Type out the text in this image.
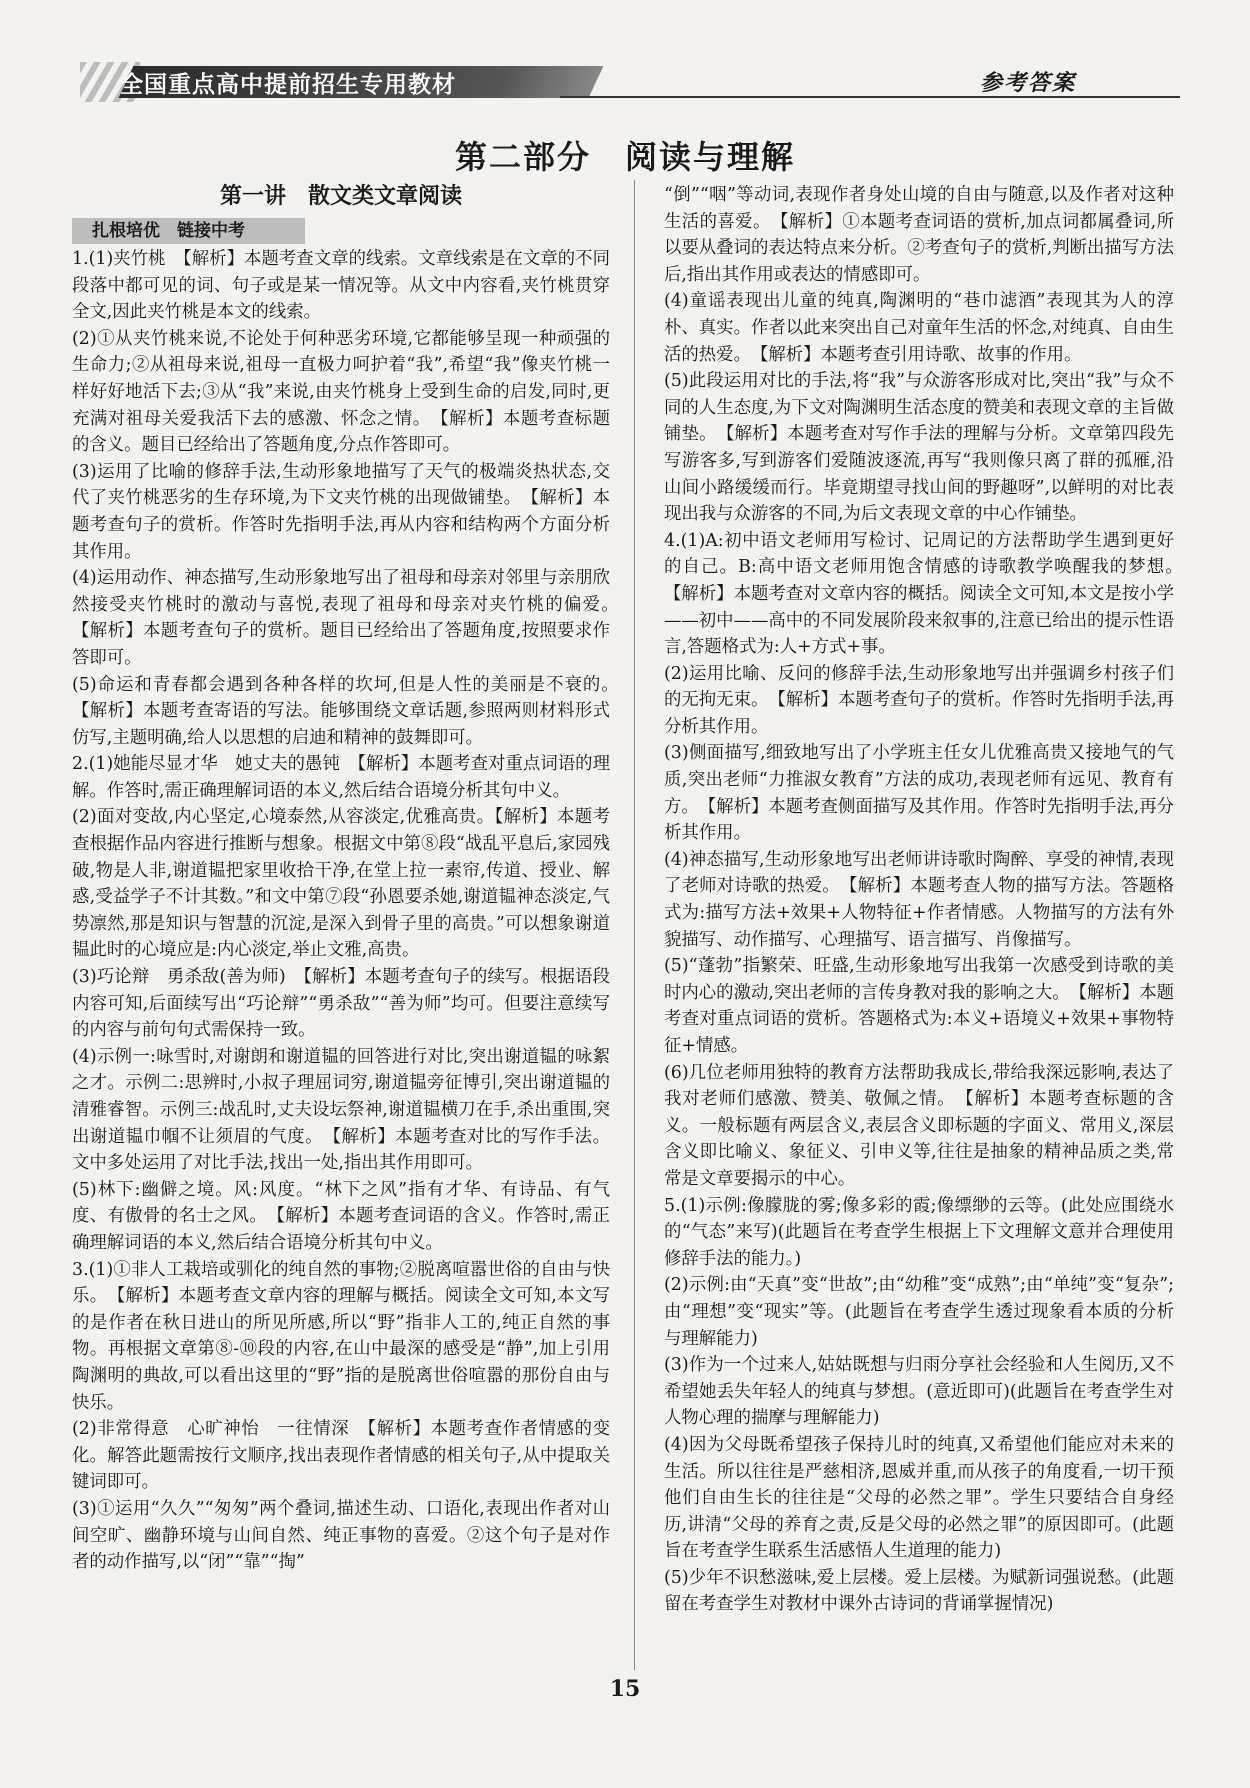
全国重点高中提前招生专用教材	参考答案
第二部分　阅读与理解
第一讲　散文类文章阅读
扎根培优　链接中考

1.(1)夹竹桃　【解析】本题考查文章的线索。文章线索是在文章的不同段落中都可见的词、句子或是某一情况等。从文中内容看,夹竹桃贯穿全文,因此夹竹桃是本文的线索。

(2)①从夹竹桃来说,不论处于何种恶劣环境,它都能够呈现一种顽强的生命力;②从祖母来说,祖母一直极力呵护着“我”,希望“我”像夹竹桃一样好好地活下去;③从“我”来说,由夹竹桃身上受到生命的启发,同时,更充满对祖母关爱我活下去的感激、怀念之情。　【解析】本题考查标题的含义。题目已经给出了答题角度,分点作答即可。

(3)运用了比喻的修辞手法,生动形象地描写了天气的极端炎热状态,交代了夹竹桃恶劣的生存环境,为下文夹竹桃的出现做铺垫。　【解析】本题考查句子的赏析。作答时先指明手法,再从内容和结构两个方面分析其作用。

(4)运用动作、神态描写,生动形象地写出了祖母和母亲对邻里与亲朋欣然接受夹竹桃时的激动与喜悦,表现了祖母和母亲对夹竹桃的偏爱。　【解析】本题考查句子的赏析。题目已经给出了答题角度,按照要求作答即可。

(5)命运和青春都会遇到各种各样的坎坷,但是人性的美丽是不衰的。　【解析】本题考查寄语的写法。能够围绕文章话题,参照两则材料形式仿写,主题明确,给人以思想的启迪和精神的鼓舞即可。

2.(1)她能尽显才华　她丈夫的愚钝　【解析】本题考查对重点词语的理解。作答时,需正确理解词语的本义,然后结合语境分析其句中义。

(2)面对变故,内心坚定,心境泰然,从容淡定,优雅高贵。【解析】本题考查根据作品内容进行推断与想象。根据文中第⑧段“战乱平息后,家园残破,物是人非,谢道韫把家里收拾干净,在堂上拉一素帘,传道、授业、解惑,受益学子不计其数。”和文中第⑦段“孙恩要杀她,谢道韫神态淡定,气势凛然,那是知识与智慧的沉淀,是深入到骨子里的高贵。”可以想象谢道韫此时的心境应是:内心淡定,举止文雅,高贵。

(3)巧论辩　勇杀敌(善为师)　【解析】本题考查句子的续写。根据语段内容可知,后面续写出“巧论辩”“勇杀敌”“善为师”均可。但要注意续写的内容与前句句式需保持一致。

(4)示例一:咏雪时,对谢朗和谢道韫的回答进行对比,突出谢道韫的咏絮之才。示例二:思辨时,小叔子理屈词穷,谢道韫旁征博引,突出谢道韫的清雅睿智。示例三:战乱时,丈夫设坛祭神,谢道韫横刀在手,杀出重围,突出谢道韫巾帼不让须眉的气度。　【解析】本题考查对比的写作手法。文中多处运用了对比手法,找出一处,指出其作用即可。

(5)林下:幽僻之境。风:风度。“林下之风”指有才华、有诗品、有气度、有傲骨的名士之风。　【解析】本题考查词语的含义。作答时,需正确理解词语的本义,然后结合语境分析其句中义。

3.(1)①非人工栽培或驯化的纯自然的事物;②脱离喧嚣世俗的自由与快乐。　【解析】本题考查文章内容的理解与概括。阅读全文可知,本文写的是作者在秋日进山的所见所感,所以“野”指非人工的,纯正自然的事物。再根据文章第⑧-⑩段的内容,在山中最深的感受是“静”,加上引用陶渊明的典故,可以看出这里的“野”指的是脱离世俗喧嚣的那份自由与快乐。

(2)非常得意　心旷神怡　一往情深　【解析】本题考查作者情感的变化。解答此题需按行文顺序,找出表现作者情感的相关句子,从中提取关键词即可。

(3)①运用“久久”“匆匆”两个叠词,描述生动、口语化,表现出作者对山间空旷、幽静环境与山间自然、纯正事物的喜爱。②这个句子是对作者的动作描写,以“闭”“靠”“掏”

“倒”“咽”等动词,表现作者身处山境的自由与随意,以及作者对这种生活的喜爱。　【解析】①本题考查词语的赏析,加点词都属叠词,所以要从叠词的表达特点来分析。②考查句子的赏析,判断出描写方法后,指出其作用或表达的情感即可。

(4)童谣表现出儿童的纯真,陶渊明的“巷巾滤酒”表现其为人的淳朴、真实。作者以此来突出自己对童年生活的怀念,对纯真、自由生活的热爱。　【解析】本题考查引用诗歌、故事的作用。

(5)此段运用对比的手法,将“我”与众游客形成对比,突出“我”与众不同的人生态度,为下文对陶渊明生活态度的赞美和表现文章的主旨做铺垫。　【解析】本题考查对写作手法的理解与分析。文章第四段先写游客多,写到游客们爱随波逐流,再写“我则像只离了群的孤雁,沿山间小路缓缓而行。毕竟期望寻找山间的野趣呀”,以鲜明的对比表现出我与众游客的不同,为后文表现文章的中心作铺垫。

4.(1)A:初中语文老师用写检讨、记周记的方法帮助学生遇到更好的自己。B:高中语文老师用饱含情感的诗歌教学唤醒我的梦想。　【解析】本题考查对文章内容的概括。阅读全文可知,本文是按小学——初中——高中的不同发展阶段来叙事的,注意已给出的提示性语言,答题格式为:人+方式+事。

(2)运用比喻、反问的修辞手法,生动形象地写出并强调乡村孩子们的无拘无束。　【解析】本题考查句子的赏析。作答时先指明手法,再分析其作用。

(3)侧面描写,细致地写出了小学班主任女儿优雅高贵又接地气的气质,突出老师“力推淑女教育”方法的成功,表现老师有远见、教育有方。　【解析】本题考查侧面描写及其作用。作答时先指明手法,再分析其作用。

(4)神态描写,生动形象地写出老师讲诗歌时陶醉、享受的神情,表现了老师对诗歌的热爱。　【解析】本题考查人物的描写方法。答题格式为:描写方法+效果+人物特征+作者情感。人物描写的方法有外貌描写、动作描写、心理描写、语言描写、肖像描写。

(5)“蓬勃”指繁荣、旺盛,生动形象地写出我第一次感受到诗歌的美时内心的激动,突出老师的言传身教对我的影响之大。　【解析】本题考查对重点词语的赏析。答题格式为:本义+语境义+效果+事物特征+情感。

(6)几位老师用独特的教育方法帮助我成长,带给我深远影响,表达了我对老师们感激、赞美、敬佩之情。　【解析】本题考查标题的含义。一般标题有两层含义,表层含义即标题的字面义、常用义,深层含义即比喻义、象征义、引申义等,往往是抽象的精神品质之类,常常是文章要揭示的中心。

5.(1)示例:像朦胧的雾;像多彩的霞;像缥缈的云等。(此处应围绕水的“气态”来写)(此题旨在考查学生根据上下文理解文意并合理使用修辞手法的能力。)

(2)示例:由“天真”变“世故”;由“幼稚”变“成熟”;由“单纯”变“复杂”;由“理想”变“现实”等。(此题旨在考查学生透过现象看本质的分析与理解能力)

(3)作为一个过来人,姑姑既想与归雨分享社会经验和人生阅历,又不希望她丢失年轻人的纯真与梦想。(意近即可)(此题旨在考查学生对人物心理的揣摩与理解能力)

(4)因为父母既希望孩子保持儿时的纯真,又希望他们能应对未来的生活。所以往往是严慈相济,恩威并重,而从孩子的角度看,一切干预他们自由生长的往往是“父母的必然之罪”。学生只要结合自身经历,讲清“父母的养育之责,反是父母的必然之罪”的原因即可。(此题旨在考查学生联系生活感悟人生道理的能力)

(5)少年不识愁滋味,爱上层楼。爱上层楼。为赋新词强说愁。(此题留在考查学生对教材中课外古诗词的背诵掌握情况)

15
